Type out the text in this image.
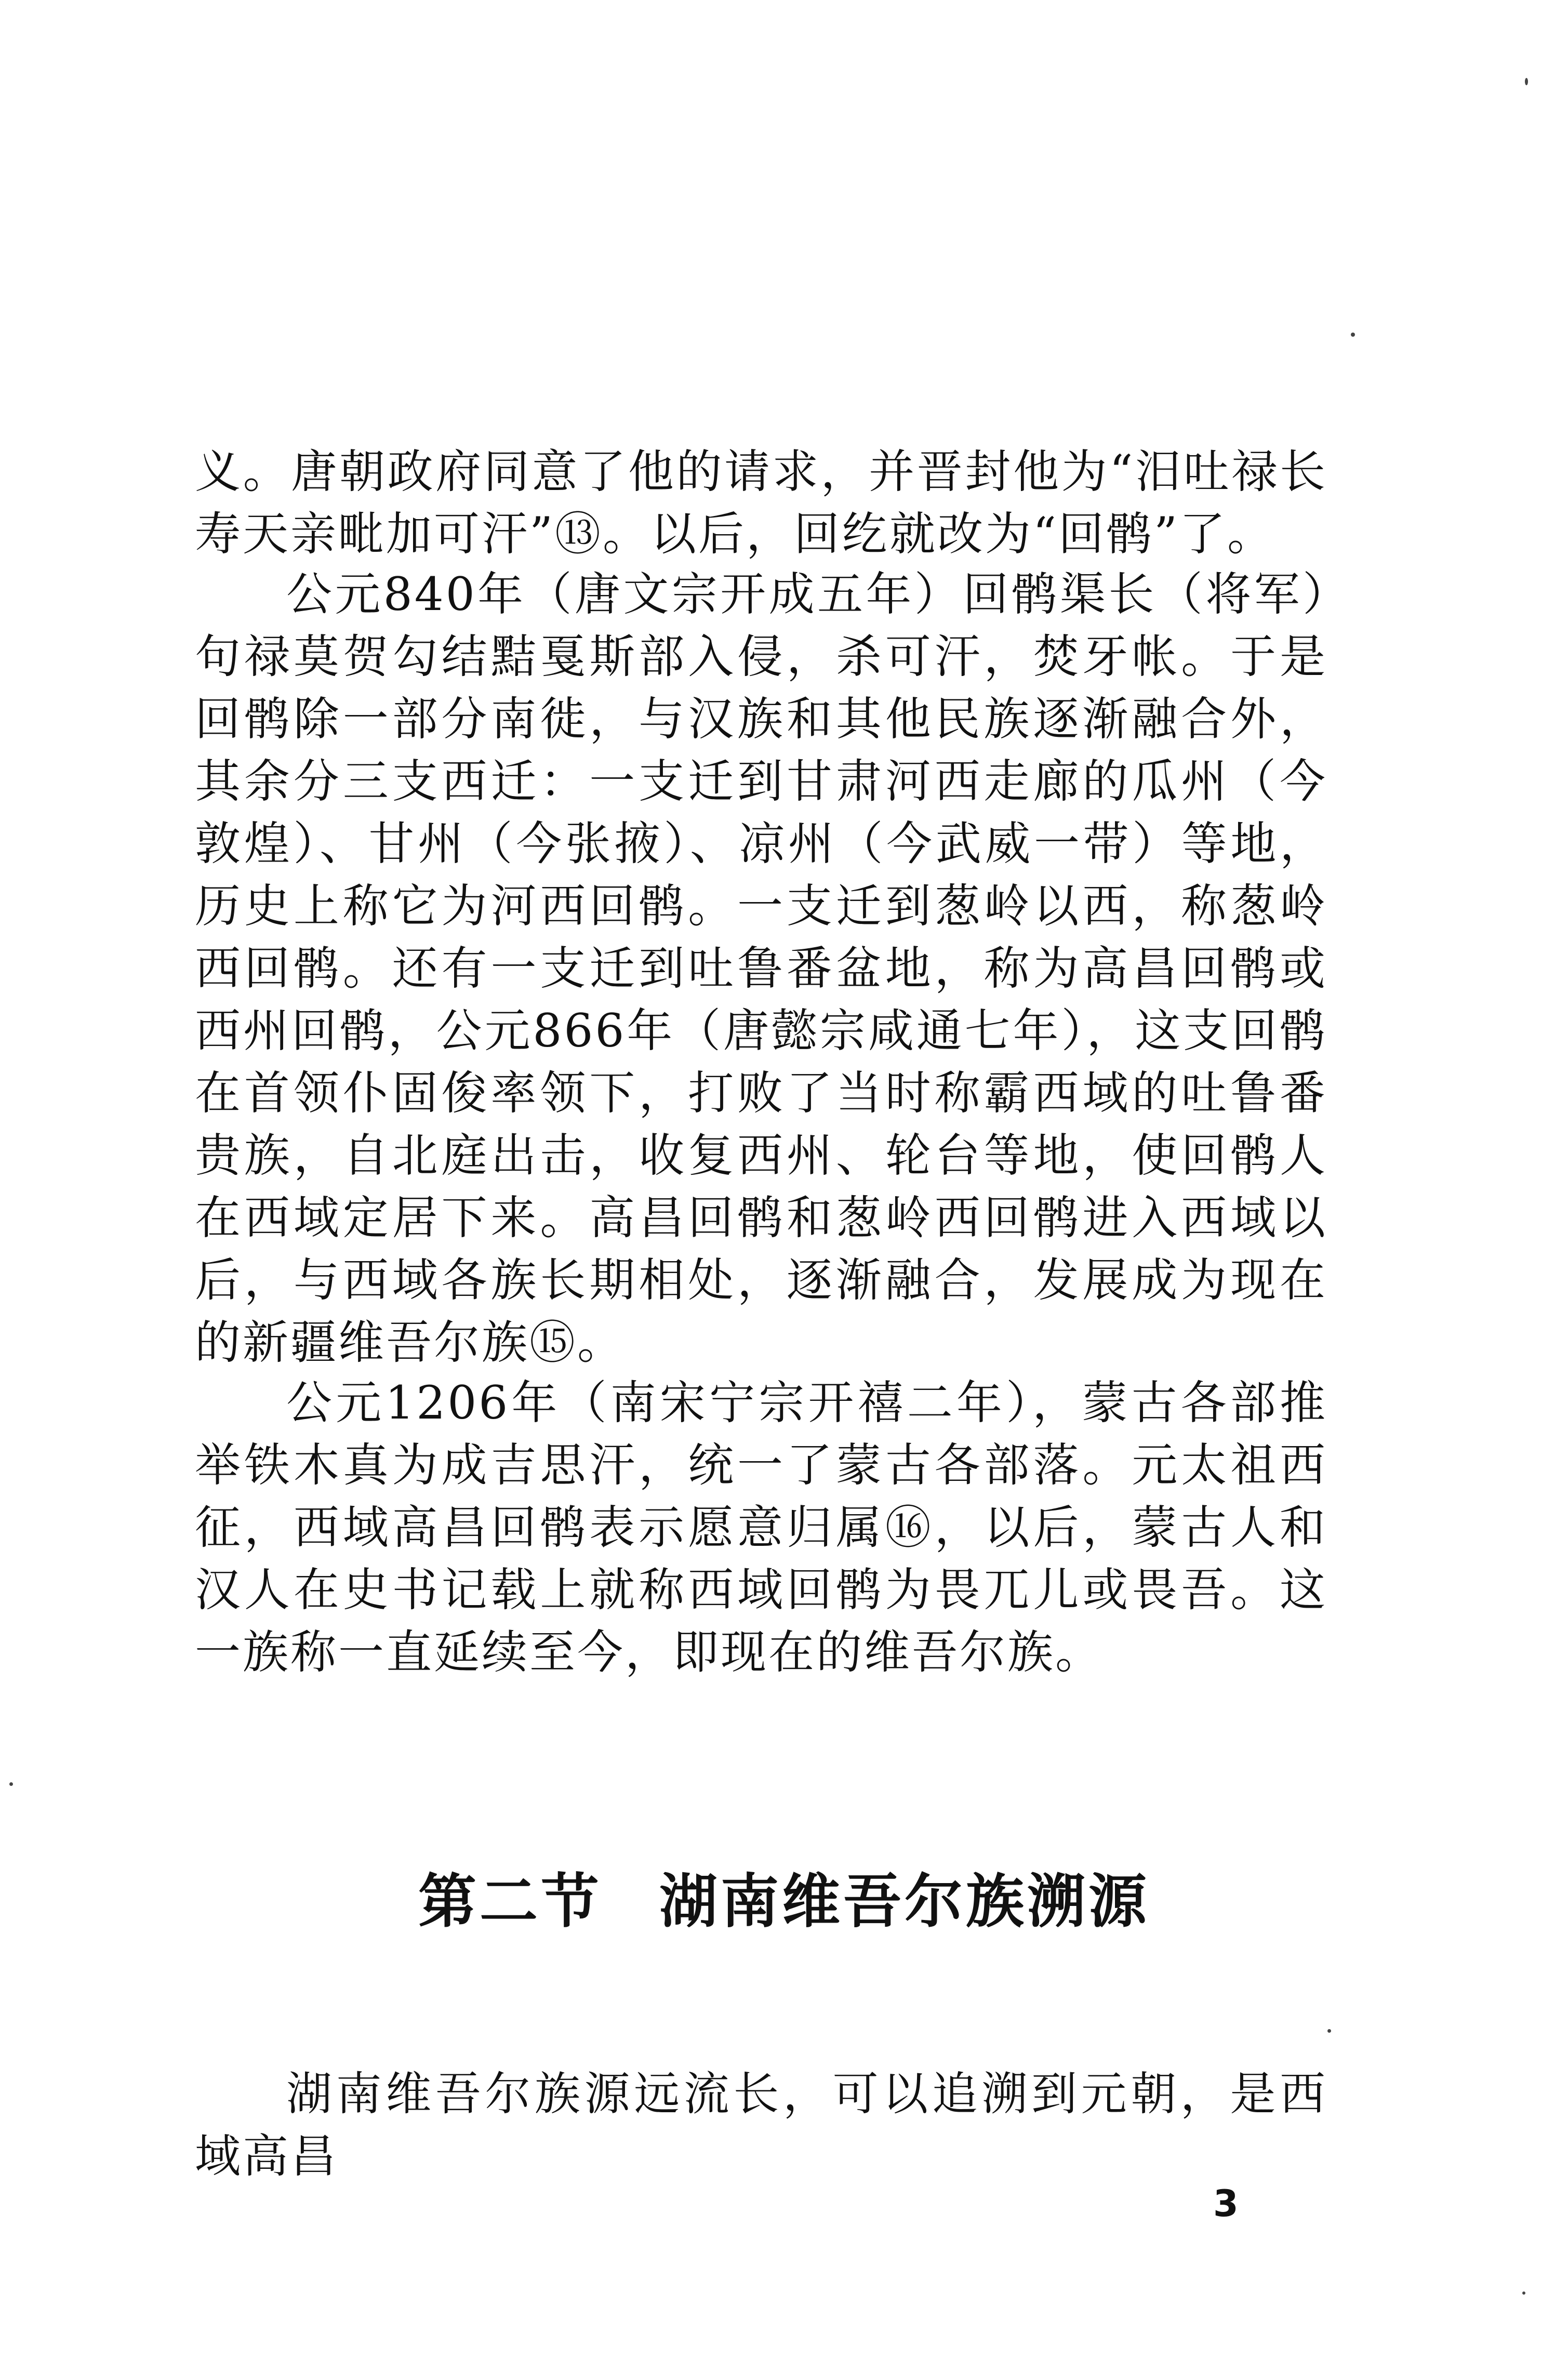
义。唐朝政府同意了他的请求，并晋封他为“汨吐禄长寿天亲毗加可汗”⑬。以后，回纥就改为“回鹘”了。

公元840年（唐文宗开成五年）回鹘渠长（将军）句禄莫贺勾结黠戛斯部入侵，杀可汗，焚牙帐。于是回鹘除一部分南徙，与汉族和其他民族逐渐融合外，其余分三支西迁：一支迁到甘肃河西走廊的瓜州（今敦煌）、甘州（今张掖）、凉州（今武威一带）等地，历史上称它为河西回鹘。一支迁到葱岭以西，称葱岭西回鹘。还有一支迁到吐鲁番盆地，称为高昌回鹘或西州回鹘，公元866年（唐懿宗咸通七年），这支回鹘在首领仆固俊率领下，打败了当时称霸西域的吐鲁番贵族，自北庭出击，收复西州、轮台等地，使回鹘人在西域定居下来。高昌回鹘和葱岭西回鹘进入西域以后，与西域各族长期相处，逐渐融合，发展成为现在的新疆维吾尔族⑮。

公元1206年（南宋宁宗开禧二年），蒙古各部推举铁木真为成吉思汗，统一了蒙古各部落。元太祖西征，西域高昌回鹘表示愿意归属⑯，以后，蒙古人和汉人在史书记载上就称西域回鹘为畏兀儿或畏吾。这一族称一直延续至今，即现在的维吾尔族。

第二节 湖南维吾尔族溯源

湖南维吾尔族源远流长，可以追溯到元朝，是西域高昌

3
